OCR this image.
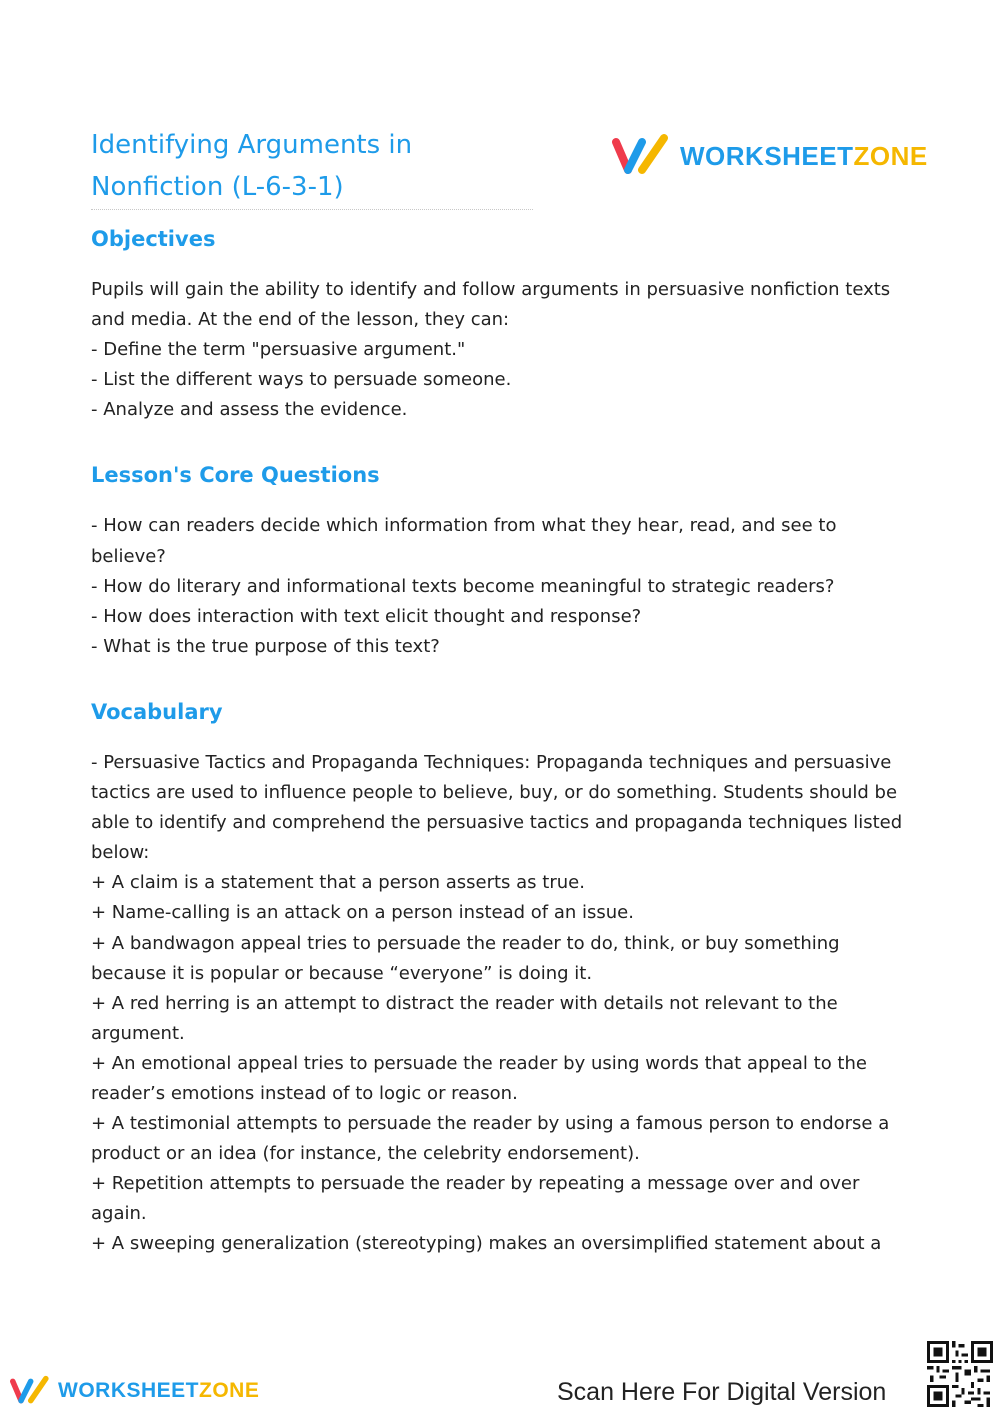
Identifying Arguments in Nonfiction (L-6-3-1)
WORKSHEETZONE
Objectives
Pupils will gain the ability to identify and follow arguments in persuasive nonfiction texts and media. At the end of the lesson, they can:
- Define the term "persuasive argument."
- List the different ways to persuade someone.
- Analyze and assess the evidence.
Lesson's Core Questions
- How can readers decide which information from what they hear, read, and see to believe?
- How do literary and informational texts become meaningful to strategic readers?
- How does interaction with text elicit thought and response?
- What is the true purpose of this text?
Vocabulary
- Persuasive Tactics and Propaganda Techniques: Propaganda techniques and persuasive tactics are used to influence people to believe, buy, or do something. Students should be able to identify and comprehend the persuasive tactics and propaganda techniques listed below:
+ A claim is a statement that a person asserts as true.
+ Name-calling is an attack on a person instead of an issue.
+ A bandwagon appeal tries to persuade the reader to do, think, or buy something because it is popular or because “everyone” is doing it.
+ A red herring is an attempt to distract the reader with details not relevant to the argument.
+ An emotional appeal tries to persuade the reader by using words that appeal to the reader’s emotions instead of to logic or reason.
+ A testimonial attempts to persuade the reader by using a famous person to endorse a product or an idea (for instance, the celebrity endorsement).
+ Repetition attempts to persuade the reader by repeating a message over and over again.
+ A sweeping generalization (stereotyping) makes an oversimplified statement about a
WORKSHEETZONE	Scan Here For Digital Version
